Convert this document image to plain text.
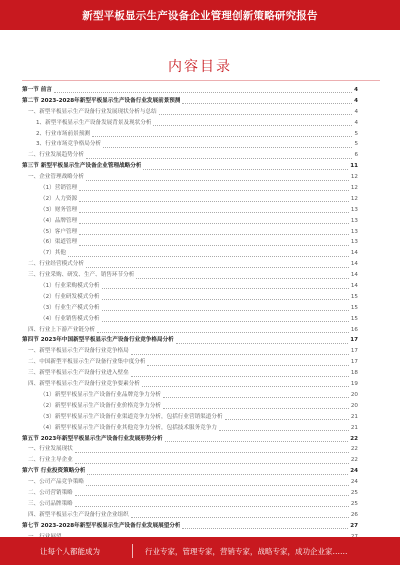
新型平板显示生产设备企业管理创新策略研究报告
内容目录
第一节 前言	4
第二节 2023-2028年新型平板显示生产设备行业发展前景预测	4
一、新型平板显示生产设备行业发展现状分析与总结	4
1、新型平板显示生产设备发展背景及现状分析	4
2、行业市场前景预测	5
3、行业市场竞争格局分析	5
二、行业发展趋势分析	6
第三节 新型平板显示生产设备企业管理战略分析	11
一、企业管理战略分析	12
（1）营销管理	12
（2）人力资源	12
（3）财务管理	13
（4）品牌管理	13
（5）客户管理	13
（6）渠道管理	13
（7）其他	14
二、行业经营模式分析	14
三、行业采购、研发、生产、销售环节分析	14
（1）行业采购模式分析	14
（2）行业研发模式分析	15
（3）行业生产模式分析	15
（4）行业销售模式分析	15
四、行业上下游产业链分析	16
第四节 2023年中国新型平板显示生产设备行业竞争格局分析	17
一、新型平板显示生产设备行业竞争格局	17
二、中国新型平板显示生产设备行业集中度分析	17
三、新型平板显示生产设备行业进入壁垒	18
四、新型平板显示生产设备行业竞争要素分析	19
（1）新型平板显示生产设备行业品牌竞争力分析	20
（2）新型平板显示生产设备行业价格竞争力分析	20
（3）新型平板显示生产设备行业渠道竞争力分析，包括行业营销渠道分析	21
（4）新型平板显示生产设备行业其他竞争力分析，包括技术服务竞争力	21
第五节 2023年新型平板显示生产设备行业发展形势分析	22
一、行业发展现状	22
二、行业主导企业	22
第六节 行业投资策略分析	24
一、公司产品竞争策略	24
二、公司营销策略	25
三、公司品牌策略	25
四、新型平板显示生产设备行业企业组织	26
第七节 2023-2028年新型平板显示生产设备行业发展展望分析	27
让每个人都能成为	行业专家，管理专家，营销专家，战略专家，成功企业家……
